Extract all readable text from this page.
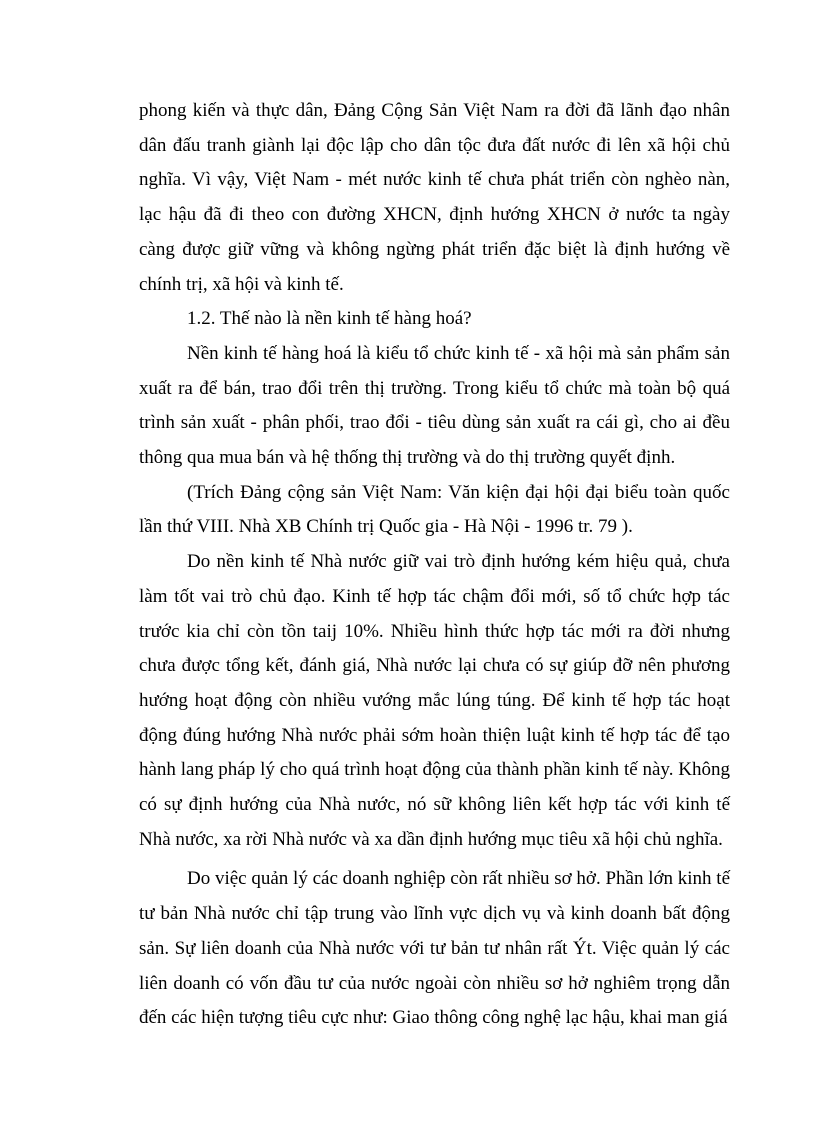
phong kiến và thực dân, Đảng Cộng Sản Việt Nam ra đời đã lãnh đạo nhân dân đấu tranh giành lại độc lập cho dân tộc đưa đất nước đi lên xã hội chủ nghĩa. Vì vậy, Việt Nam - mét nước kinh tế chưa phát triển còn nghèo nàn, lạc hậu đã đi theo con đường XHCN, định hướng XHCN ở nước ta ngày càng được giữ vững và không ngừng phát triển đặc biệt là định hướng về chính trị, xã hội và kinh tế.

1.2. Thế nào là nền kinh tế hàng hoá?

Nền kinh tế hàng hoá là kiểu tổ chức kinh tế - xã hội mà sản phẩm sản xuất ra để bán, trao đổi trên thị trường. Trong kiểu tổ chức mà toàn bộ quá trình sản xuất - phân phối, trao đổi - tiêu dùng sản xuất ra cái gì, cho ai đều thông qua mua bán và hệ thống thị trường và do thị trường quyết định.

(Trích Đảng cộng sản Việt Nam: Văn kiện đại hội đại biểu toàn quốc lần thứ VIII. Nhà XB Chính trị Quốc gia - Hà Nội - 1996 tr. 79 ).

Do nền kinh tế Nhà nước giữ vai trò định hướng kém hiệu quả, chưa làm tốt vai trò chủ đạo. Kinh tế hợp tác chậm đổi mới, số tổ chức hợp tác trước kia chỉ còn tồn taij 10%. Nhiều hình thức hợp tác mới ra đời nhưng chưa được tổng kết, đánh giá, Nhà nước lại chưa có sự giúp đỡ nên phương hướng hoạt động còn nhiều vướng mắc lúng túng. Để kinh tế hợp tác hoạt động đúng hướng Nhà nước phải sớm hoàn thiện luật kinh tế hợp tác để tạo hành lang pháp lý cho quá trình hoạt động của thành phần kinh tế này. Không có sự định hướng của Nhà nước, nó sữ không liên kết hợp tác với kinh tế Nhà nước, xa rời Nhà nước và xa dần định hướng mục tiêu xã hội chủ nghĩa.

Do việc quản lý các doanh nghiệp còn rất nhiều sơ hở. Phần lớn kinh tế tư bản Nhà nước chỉ tập trung vào lĩnh vực dịch vụ và kinh doanh bất động sản. Sự liên doanh của Nhà nước với tư bản tư nhân rất Ýt. Việc quản lý các liên doanh có vốn đầu tư của nước ngoài còn nhiều sơ hở nghiêm trọng dẫn đến các hiện tượng tiêu cực như: Giao thông công nghệ lạc hậu, khai man giá
